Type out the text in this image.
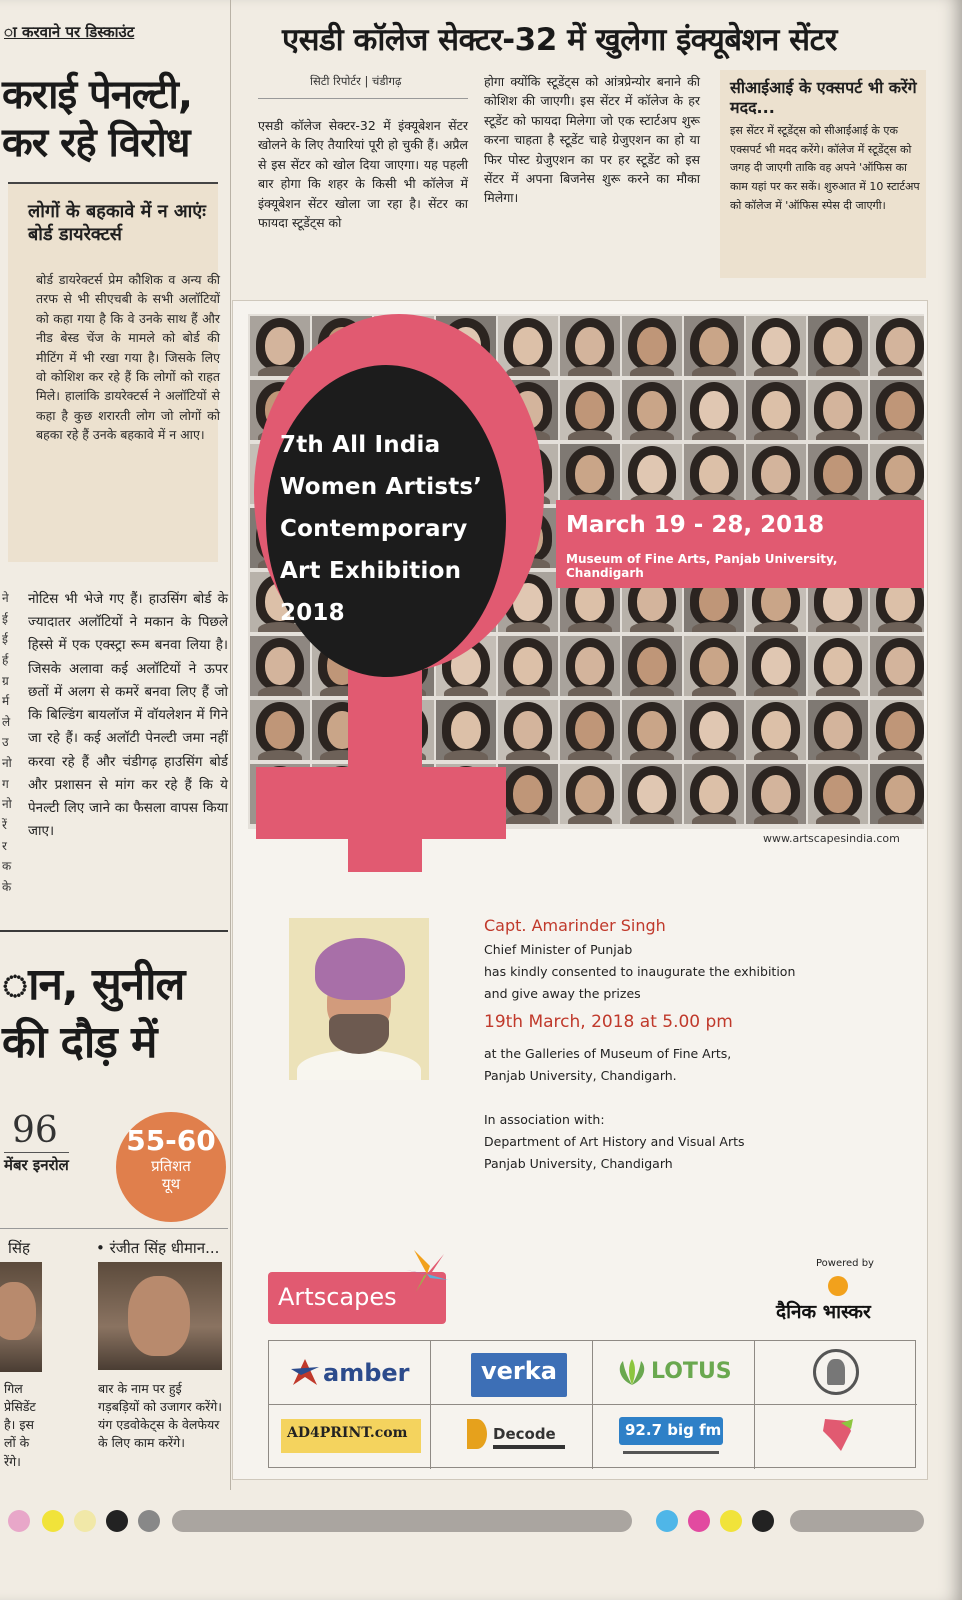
ा करवाने पर डिस्काउंट
कराई पेनल्टी,
कर रहे विरोध
लोगों के बहकावे में न आएंः बोर्ड डायरेक्टर्स
बोर्ड डायरेक्टर्स प्रेम कौशिक व अन्य की तरफ से भी सीएचबी के सभी अलॉटियों को कहा गया है कि वे उनके साथ हैं और नीड बेस्ड चेंज के मामले को बोर्ड की मीटिंग में भी रखा गया है। जिसके लिए वो कोशिश कर रहे हैं कि लोगों को राहत मिले। हालांकि डायरेक्टर्स ने अलॉटियों से कहा है कुछ शरारती लोग जो लोगों को बहका रहे हैं उनके बहकावे में न आए।
ने
ई
ई
र्ह
ग्र
र्म
ले
उ
नो
ग
नो
रें
र
क
के
नोटिस भी भेजे गए हैं। हाउसिंग बोर्ड के ज्यादातर अलॉटियों ने मकान के पिछले हिस्से में एक एक्स्ट्रा रूम बनवा लिया है। जिसके अलावा कई अलॉटियों ने ऊपर छतों में अलग से कमरें बनवा लिए हैं जो कि बिल्डिंग बायलॉज में वॉयलेशन में गिने जा रहे हैं। कई अलॉटी पेनल्टी जमा नहीं करवा रहे हैं और चंडीगढ़ हाउसिंग बोर्ड और प्रशासन से मांग कर रहे हैं कि ये पेनल्टी लिए जाने का फैसला वापस किया जाए।
ान, सुनील
की दौड़ में
96
मेंबर इनरोल
55-60
प्रतिशत
यूथ
सिंह	• रंजीत सिंह धीमान...
गिल
प्रेसिडेंट
है। इस
लों के
रेंगे।
बार के नाम पर हुई गड़बड़ियों को उजागर करेंगे। यंग एडवोकेट्स के वेलफेयर के लिए काम करेंगे।
एसडी कॉलेज सेक्टर-32 में खुलेगा इंक्यूबेशन सेंटर
सिटी रिपोर्टर | चंडीगढ़
एसडी कॉलेज सेक्टर-32 में इंक्यूबेशन सेंटर खोलने के लिए तैयारियां पूरी हो चुकी हैं। अप्रैल से इस सेंटर को खोल दिया जाएगा। यह पहली बार होगा कि शहर के किसी भी कॉलेज में इंक्यूबेशन सेंटर खोला जा रहा है। सेंटर का फायदा स्टूडेंट्स को
होगा क्योंकि स्टूडेंट्स को आंत्रप्रेन्योर बनाने की कोशिश की जाएगी। इस सेंटर में कॉलेज के हर स्टूडेंट को फायदा मिलेगा जो एक स्टार्टअप शुरू करना चाहता है स्टूडेंट चाहे ग्रेजुएशन का हो या फिर पोस्ट ग्रेजुएशन का पर हर स्टूडेंट को इस सेंटर में अपना बिजनेस शुरू करने का मौका मिलेगा।
सीआईआई के एक्सपर्ट भी करेंगे मदद...
इस सेंटर में स्टूडेंट्स को सीआईआई के एक एक्सपर्ट भी मदद करेंगे। कॉलेज में स्टूडेंट्स को जगह दी जाएगी ताकि वह अपने 'ऑफिस का काम यहां पर कर सकें। शुरुआत में 10 स्टार्टअप को कॉलेज में 'ऑफिस स्पेस दी जाएगी।
7th All India
Women Artists’
Contemporary
Art Exhibition
2018
March 19 - 28, 2018
Museum of Fine Arts, Panjab University, Chandigarh
www.artscapesindia.com
Capt. Amarinder Singh
Chief Minister of Punjab
has kindly consented to inaugurate the exhibition
and give away the prizes
19th March, 2018 at 5.00 pm
at the Galleries of Museum of Fine Arts,
Panjab University, Chandigarh.
In association with:
Department of Art History and Visual Arts
Panjab University, Chandigarh
Artscapes
Powered by
दैनिक भास्कर
amber	verka	LOTUS
AD4PRINT.com	Decode	92.7 big fm
